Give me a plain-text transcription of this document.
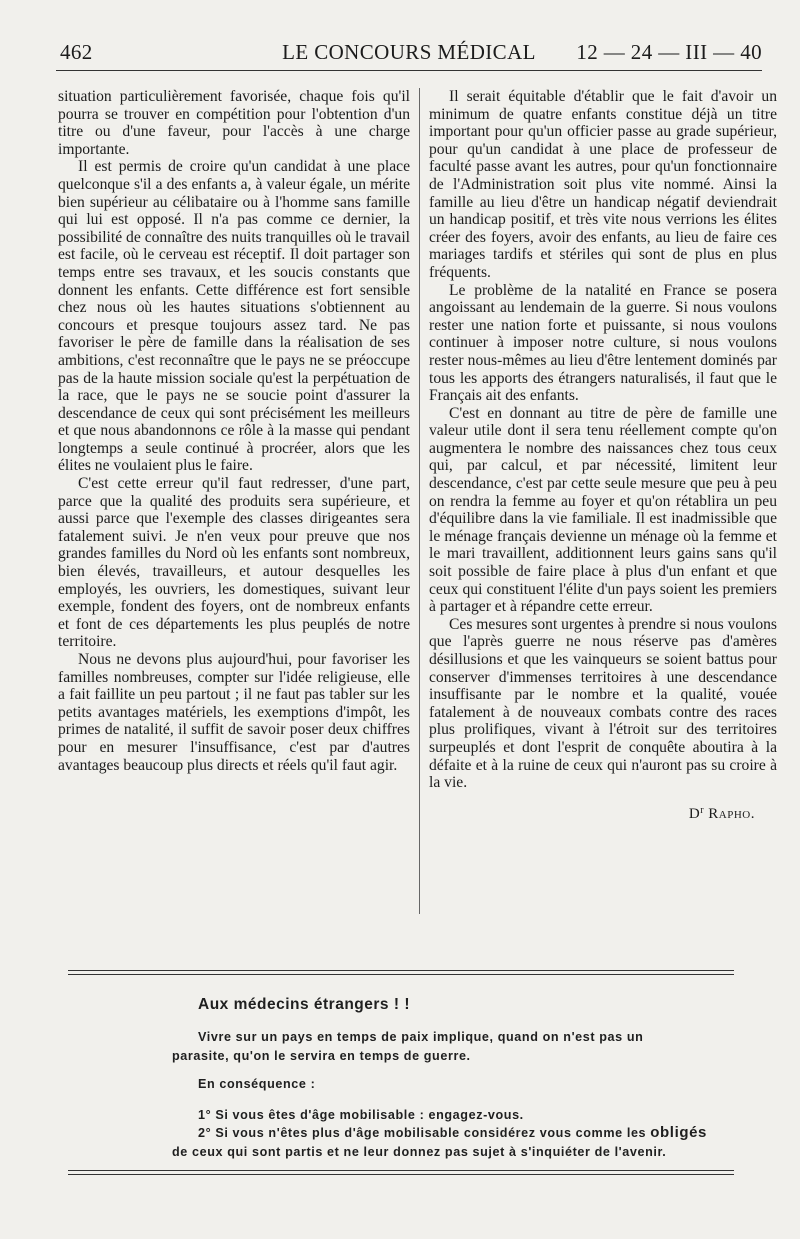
462	LE CONCOURS MÉDICAL	12 — 24 — III — 40

situation particulièrement favorisée, chaque fois qu'il pourra se trouver en compétition pour l'obtention d'un titre ou d'une faveur, pour l'accès à une charge importante.

Il est permis de croire qu'un candidat à une place quelconque s'il a des enfants a, à valeur égale, un mérite bien supérieur au célibataire ou à l'homme sans famille qui lui est opposé. Il n'a pas comme ce dernier, la possibilité de connaître des nuits tranquilles où le travail est facile, où le cerveau est réceptif. Il doit partager son temps entre ses travaux, et les soucis constants que donnent les enfants. Cette différence est fort sensible chez nous où les hautes situations s'obtiennent au concours et presque toujours assez tard. Ne pas favoriser le père de famille dans la réalisation de ses ambitions, c'est reconnaître que le pays ne se préoccupe pas de la haute mission sociale qu'est la perpétuation de la race, que le pays ne se soucie point d'assurer la descendance de ceux qui sont précisément les meilleurs et que nous abandonnons ce rôle à la masse qui pendant longtemps a seule continué à procréer, alors que les élites ne voulaient plus le faire.

C'est cette erreur qu'il faut redresser, d'une part, parce que la qualité des produits sera supérieure, et aussi parce que l'exemple des classes dirigeantes sera fatalement suivi. Je n'en veux pour preuve que nos grandes familles du Nord où les enfants sont nombreux, bien élevés, travailleurs, et autour desquelles les employés, les ouvriers, les domestiques, suivant leur exemple, fondent des foyers, ont de nombreux enfants et font de ces départements les plus peuplés de notre territoire.

Nous ne devons plus aujourd'hui, pour favoriser les familles nombreuses, compter sur l'idée religieuse, elle a fait faillite un peu partout ; il ne faut pas tabler sur les petits avantages matériels, les exemptions d'impôt, les primes de natalité, il suffit de savoir poser deux chiffres pour en mesurer l'insuffisance, c'est par d'autres avantages beaucoup plus directs et réels qu'il faut agir.

Il serait équitable d'établir que le fait d'avoir un minimum de quatre enfants constitue déjà un titre important pour qu'un officier passe au grade supérieur, pour qu'un candidat à une place de professeur de faculté passe avant les autres, pour qu'un fonctionnaire de l'Administration soit plus vite nommé. Ainsi la famille au lieu d'être un handicap négatif deviendrait un handicap positif, et très vite nous verrions les élites créer des foyers, avoir des enfants, au lieu de faire ces mariages tardifs et stériles qui sont de plus en plus fréquents.

Le problème de la natalité en France se posera angoissant au lendemain de la guerre. Si nous voulons rester une nation forte et puissante, si nous voulons continuer à imposer notre culture, si nous voulons rester nous-mêmes au lieu d'être lentement dominés par tous les apports des étrangers naturalisés, il faut que le Français ait des enfants.

C'est en donnant au titre de père de famille une valeur utile dont il sera tenu réellement compte qu'on augmentera le nombre des naissances chez tous ceux qui, par calcul, et par nécessité, limitent leur descendance, c'est par cette seule mesure que peu à peu on rendra la femme au foyer et qu'on rétablira un peu d'équilibre dans la vie familiale. Il est inadmissible que le ménage français devienne un ménage où la femme et le mari travaillent, additionnent leurs gains sans qu'il soit possible de faire place à plus d'un enfant et que ceux qui constituent l'élite d'un pays soient les premiers à partager et à répandre cette erreur.

Ces mesures sont urgentes à prendre si nous voulons que l'après guerre ne nous réserve pas d'amères désillusions et que les vainqueurs se soient battus pour conserver d'immenses territoires à une descendance insuffisante par le nombre et la qualité, vouée fatalement à de nouveaux combats contre des races plus prolifiques, vivant à l'étroit sur des territoires surpeuplés et dont l'esprit de conquête aboutira à la défaite et à la ruine de ceux qui n'auront pas su croire à la vie.

$D^r$ Rapho.
Aux médecins étrangers ! !
Vivre sur un pays en temps de paix implique, quand on n'est pas un
parasite, qu'on le servira en temps de guerre.
En conséquence :
1° Si vous êtes d'âge mobilisable : engagez-vous.
2° Si vous n'êtes plus d'âge mobilisable considérez vous comme les obligés
de ceux qui sont partis et ne leur donnez pas sujet à s'inquiéter de l'avenir.
